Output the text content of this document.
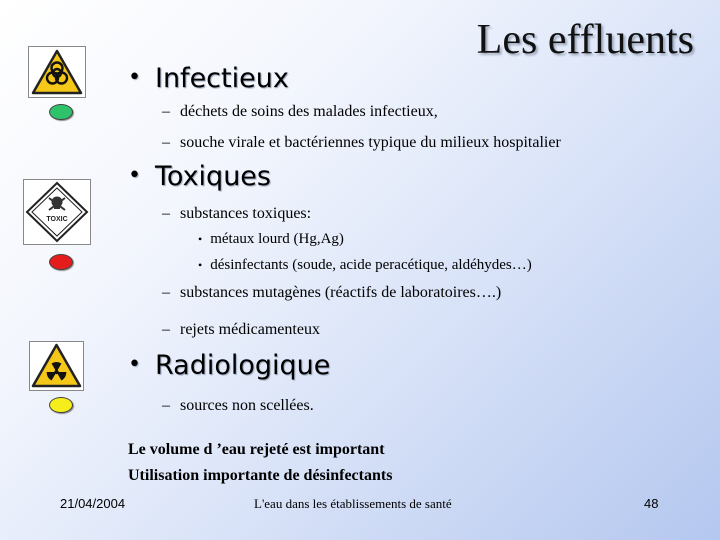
Les effluents
• Infectieux
– déchets de soins des malades infectieux,
– souche virale et bactériennes typique du milieux hospitalier
TOXIC
• Toxiques
– substances toxiques:
• métaux lourd (Hg,Ag)
• désinfectants (soude, acide peracétique, aldéhydes…)
– substances mutagènes (réactifs de laboratoires….)
– rejets médicamenteux
• Radiologique
– sources non scellées.
Le volume d ’eau rejeté est important
Utilisation importante de désinfectants
21/04/2004	L'eau dans les établissements de santé	48
